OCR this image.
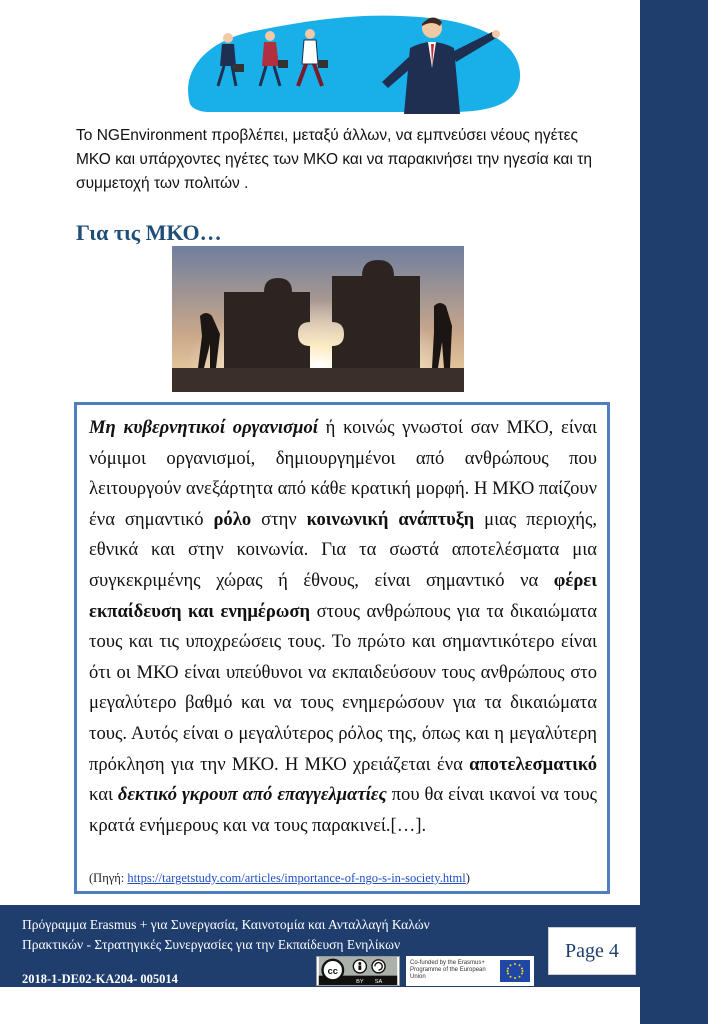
Το NGEnvironment προβλέπει, μεταξύ άλλων, να εμπνεύσει νέους ηγέτες ΜΚΟ και υπάρχοντες ηγέτες των ΜΚΟ και να παρακινήσει την ηγεσία και τη συμμετοχή των πολιτών .
Για τις ΜΚΟ…

Μη κυβερνητικοί οργανισμοί ή κοινώς γνωστοί σαν ΜΚΟ, είναι νόμιμοι οργανισμοί, δημιουργημένοι από ανθρώπους που λειτουργούν ανεξάρτητα από κάθε κρατική μορφή. Η ΜΚΟ παίζουν ένα σημαντικό ρόλο στην κοινωνική ανάπτυξη μιας περιοχής, εθνικά και στην κοινωνία. Για τα σωστά αποτελέσματα μια συγκεκριμένης χώρας ή έθνους, είναι σημαντικό να φέρει εκπαίδευση και ενημέρωση στους ανθρώπους για τα δικαιώματα τους και τις υποχρεώσεις τους. Το πρώτο και σημαντικότερο είναι ότι οι ΜΚΟ είναι υπεύθυνοι να εκπαιδεύσουν τους ανθρώπους στο μεγαλύτερο βαθμό και να τους ενημερώσουν για τα δικαιώματα τους. Αυτός είναι ο μεγαλύτερος ρόλος της, όπως και η μεγαλύτερη πρόκληση για την ΜΚΟ. Η ΜΚΟ χρειάζεται ένα αποτελεσματικό και δεκτικό γκρουπ από επαγγελματίες που θα είναι ικανοί να τους κρατά ενήμερους και να τους παρακινεί.[…].

(Πηγή: https://targetstudy.com/articles/importance-of-ngo-s-in-society.html)
Πρόγραμμα Erasmus + για Συνεργασία, Καινοτομία και Ανταλλαγή Καλών
Πρακτικών - Στρατηγικές Συνεργασίες για την Εκπαίδευση Ενηλίκων
2018-1-DE02-KA204- 005014
Page 4
cc
BY SA
Co-funded by the Erasmus+ Programme of the European Union
